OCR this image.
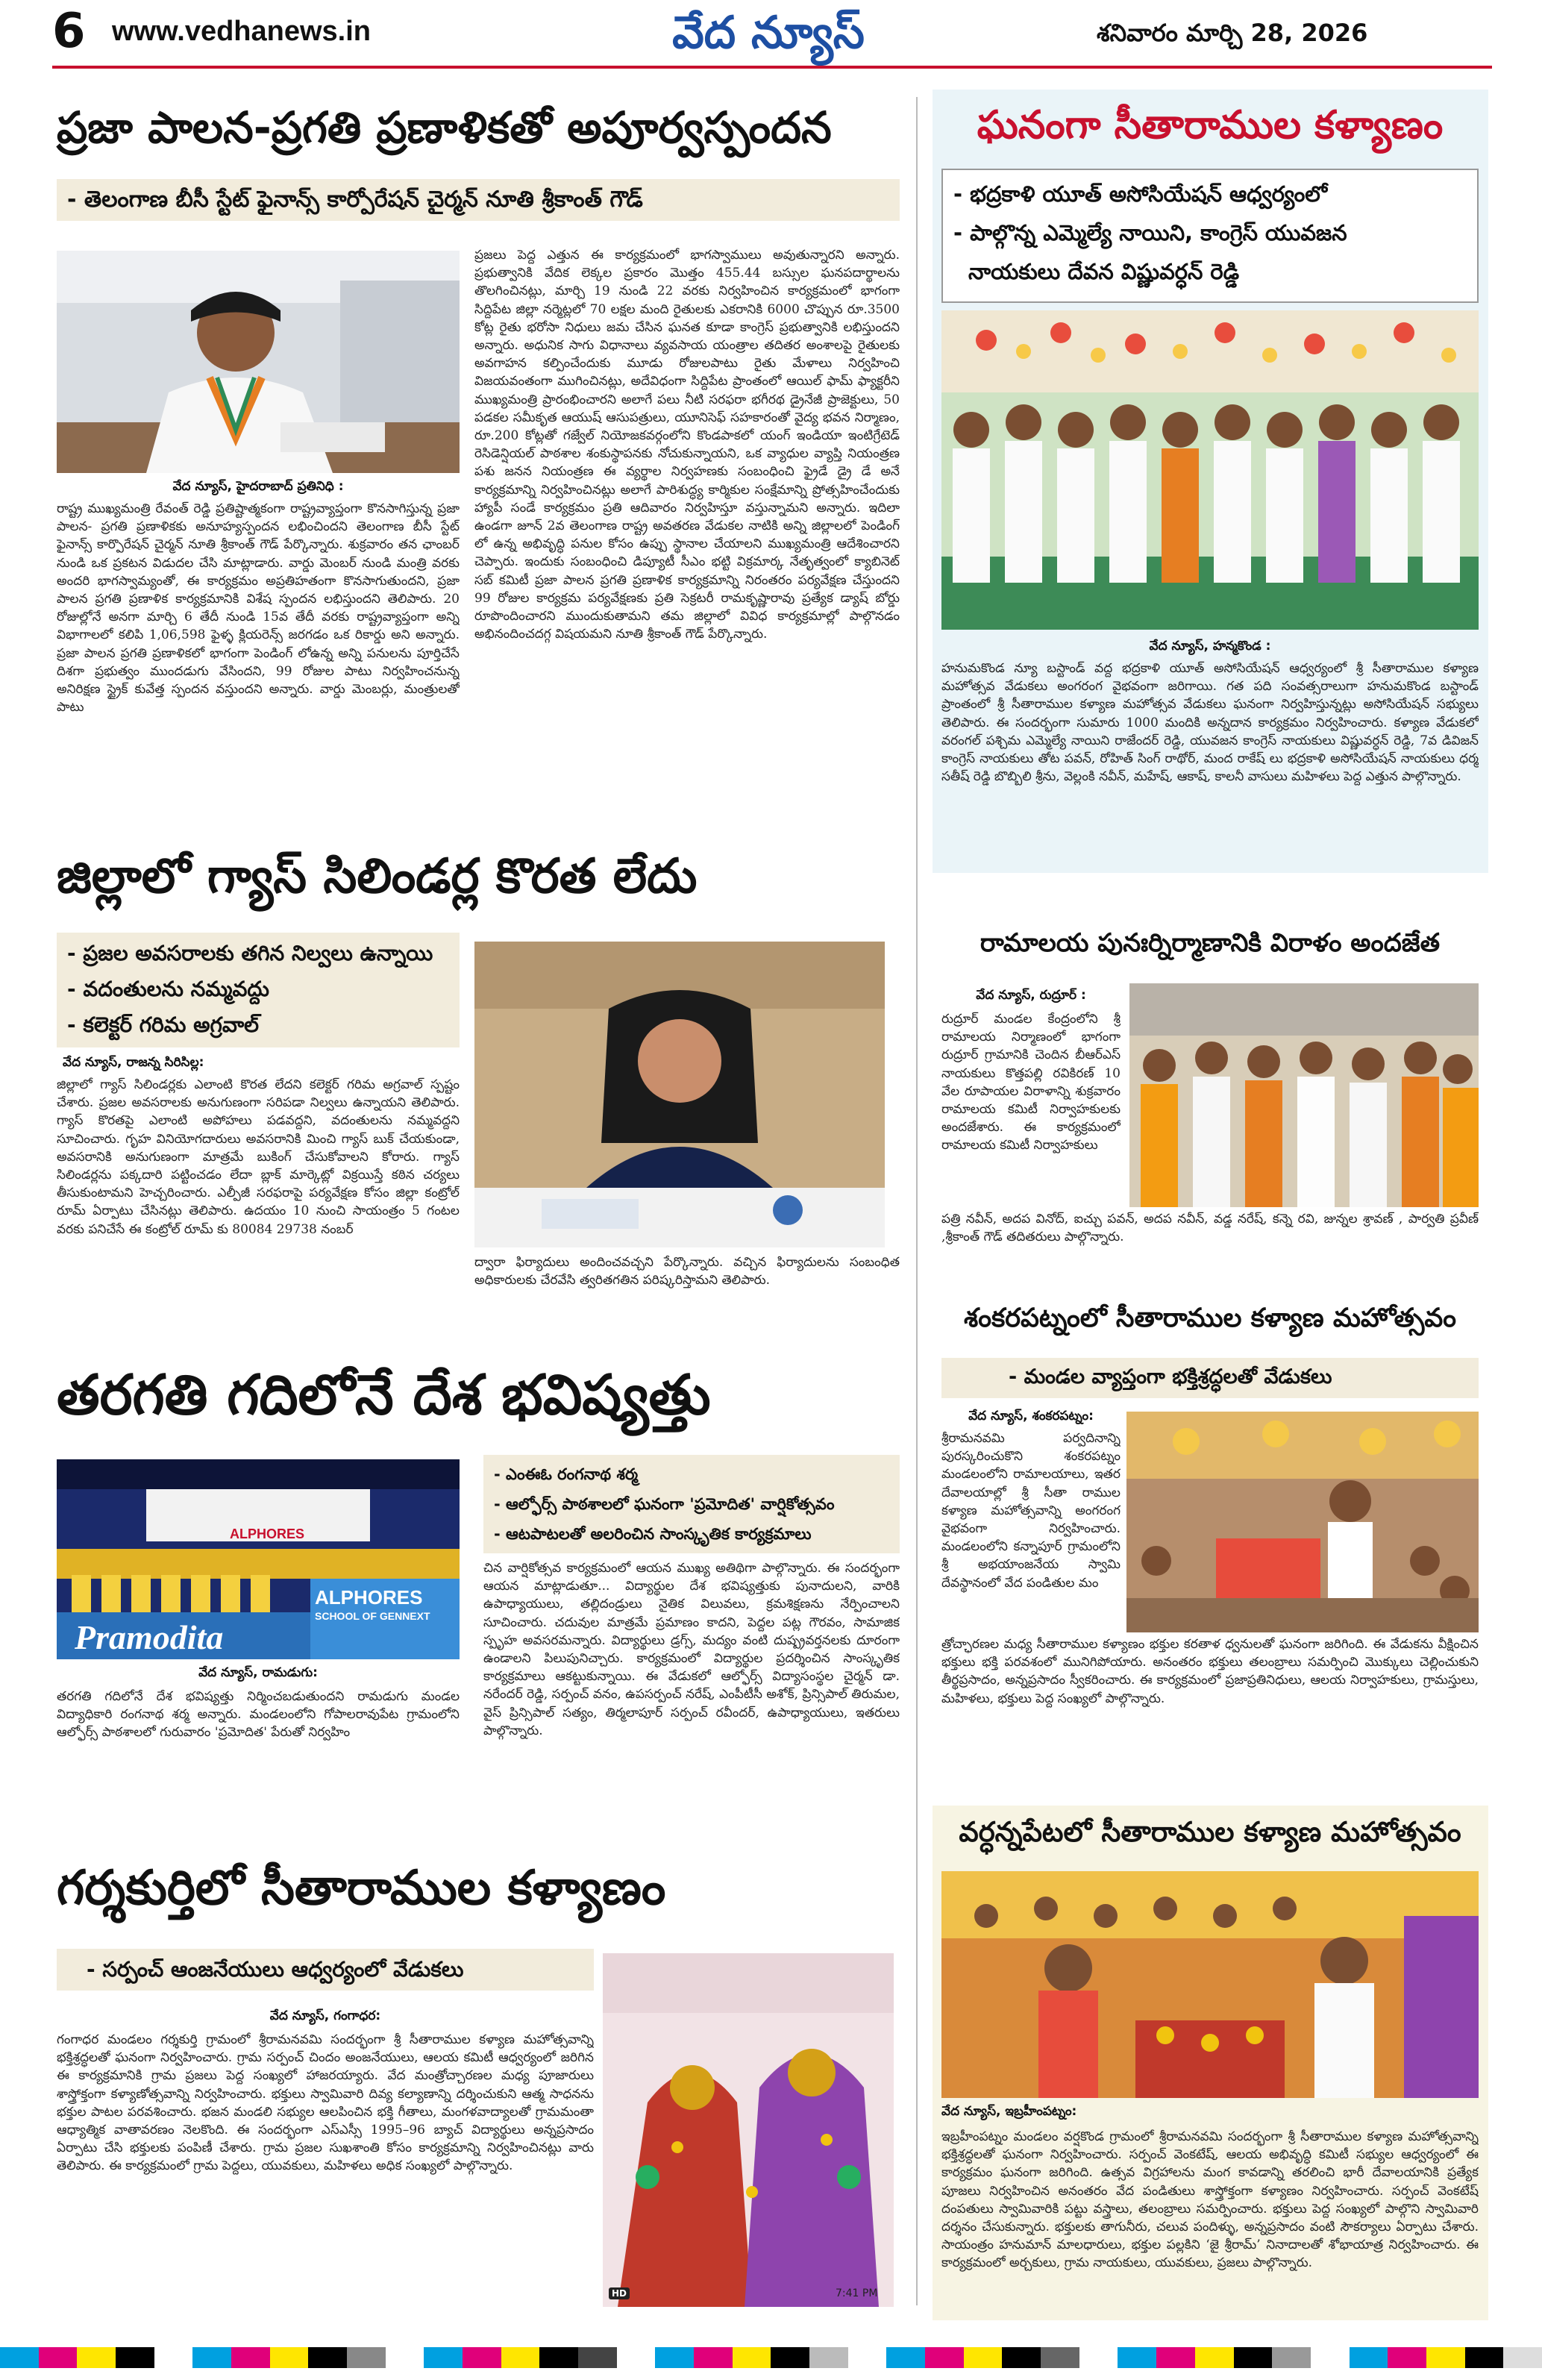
6 www.vedhanews.in	వేద న్యూస్	శనివారం మార్చి 28, 2026
ప్రజా పాలన-ప్రగతి ప్రణాళికతో అపూర్వస్పందన
- తెలంగాణ బీసీ స్టేట్ ఫైనాన్స్ కార్పోరేషన్ చైర్మన్ నూతి శ్రీకాంత్ గౌడ్
వేద న్యూస్, హైదరాబాద్ ప్రతినిధి :
రాష్ట్ర ముఖ్యమంత్రి రేవంత్ రెడ్డి ప్రతిష్టాత్మకంగా రాష్ట్రవ్యాప్తంగా కొనసాగిస్తున్న ప్రజా పాలన- ప్రగతి ప్రణాళికకు అనూహ్యస్పందన లభించిందని తెలంగాణ బీసీ స్టేట్ ఫైనాన్స్ కార్పొరేషన్ చైర్మన్ నూతి శ్రీకాంత్ గౌడ్ పేర్కొన్నారు. శుక్రవారం తన ఛాంబర్ నుండి ఒక ప్రకటన విడుదల చేసి మాట్లాడారు. వార్డు మెంబర్ నుండి మంత్రి వరకు అందరి భాగస్వామ్యంతో, ఈ కార్యక్రమం అప్రతిహతంగా కొనసాగుతుందని, ప్రజా పాలన ప్రగతి ప్రణాళిక కార్యక్రమానికి విశేష స్పందన లభిస్తుందని తెలిపారు. 20 రోజుల్లోనే అనగా మార్చి 6 తేదీ నుండి 15వ తేదీ వరకు రాష్ట్రవ్యాప్తంగా అన్ని విభాగాలలో కలిపి 1,06,598 ఫైళ్ళ క్లియరెన్స్ జరగడం ఒక రికార్డు అని అన్నారు. ప్రజా పాలన ప్రగతి ప్రణాళికలో భాగంగా పెండింగ్ లోఉన్న అన్ని పనులను పూర్తిచేసే దిశగా ప్రభుత్వం ముందడుగు వేసిందని, 99 రోజుల పాటు నిర్వహించనున్న అనిరిక్షణ స్ట్రైక్ కువేత్త స్పందన వస్తుందని అన్నారు. వార్డు మెంబర్లు, మంత్రులతో పాటు
ప్రజలు పెద్ద ఎత్తున ఈ కార్యక్రమంలో భాగస్వాములు అవుతున్నారని అన్నారు. ప్రభుత్వానికి వేదిక లెక్కల ప్రకారం మొత్తం 455.44 బస్సుల ఘనపదార్థాలను తొలగించినట్లు, మార్చి 19 నుండి 22 వరకు నిర్వహించిన కార్యక్రమంలో భాగంగా సిద్దిపేట జిల్లా నర్మెట్లలో 70 లక్షల మంది రైతులకు ఎకరానికి 6000 చొప్పున రూ.3500 కోట్ల రైతు భరోసా నిధులు జమ చేసిన ఘనత కూడా కాంగ్రెస్ ప్రభుత్వానికి లభిస్తుందని అన్నారు. అధునిక సాగు విధానాలు వ్యవసాయ యంత్రాల తదితర అంశాలపై రైతులకు అవగాహన కల్పించేందుకు మూడు రోజులపాటు రైతు మేళాలు నిర్వహించి విజయవంతంగా ముగించినట్లు, అదేవిధంగా సిద్దిపేట ప్రాంతంలో ఆయిల్ ఫామ్ ఫ్యాక్టరీని ముఖ్యమంత్రి ప్రారంభించారని అలాగే పలు నీటి సరఫరా భగీరథ డ్రైనేజీ ప్రాజెక్టులు, 50 పడకల సమీకృత ఆయుష్ ఆసుపత్రులు, యూనిసెఫ్ సహకారంతో వైద్య భవన నిర్మాణం, రూ.200 కోట్లతో గజ్వేల్ నియోజకవర్గంలోని కొండపాకలో యంగ్ ఇండియా ఇంటిగ్రేటెడ్ రెసిడెన్షియల్ పాఠశాల శంకుస్థాపనకు నోచుకున్నాయని, ఒక వ్యాధుల వ్యాప్తి నియంత్రణ పశు జనన నియంత్రణ ఈ వ్యర్థాల నిర్వహణకు సంబంధించి ఫ్రైడే డ్రై డే అనే కార్యక్రమాన్ని నిర్వహించినట్లు అలాగే పారిశుద్ధ్య కార్మికుల సంక్షేమాన్ని ప్రోత్సహించేందుకు హ్యాపీ సండే కార్యక్రమం ప్రతి ఆదివారం నిర్వహిస్తూ వస్తున్నామని అన్నారు. ఇదిలా ఉండగా జూన్ 2వ తెలంగాణ రాష్ట్ర అవతరణ వేడుకల నాటికి అన్ని జిల్లాలలో పెండింగ్ లో ఉన్న అభివృద్ధి పనుల కోసం ఉప్పు స్థానాల చేయాలని ముఖ్యమంత్రి ఆదేశించారని చెప్పారు. ఇందుకు సంబంధించి డిప్యూటీ సీఎం భట్టి విక్రమార్క నేతృత్వంలో క్యాబినెట్ సబ్ కమిటీ ప్రజా పాలన ప్రగతి ప్రణాళిక కార్యక్రమాన్ని నిరంతరం పర్యవేక్షణ చేస్తుందని 99 రోజుల కార్యక్రమ పర్యవేక్షణకు ప్రతి సెక్రటరీ రామకృష్ణారావు ప్రత్యేక డ్యాష్ బోర్డు రూపొందించారని ముందుకుతామని తమ జిల్లాలో వివిధ కార్యక్రమాల్లో పాల్గొనడం అభినందించదగ్గ విషయమని నూతి శ్రీకాంత్ గౌడ్ పేర్కొన్నారు.
ఘనంగా సీతారాముల కళ్యాణం
- భద్రకాళి యూత్ అసోసియేషన్ ఆధ్వర్యంలో
- పాల్గొన్న ఎమ్మెల్యే నాయిని, కాంగ్రెస్ యువజన
నాయకులు దేవన విష్ణువర్ధన్ రెడ్డి
వేద న్యూస్, హన్మకొండ :
హనుమకొండ న్యూ బస్టాండ్ వద్ద భద్రకాళి యూత్ అసోసియేషన్ ఆధ్వర్యంలో శ్రీ సీతారాముల కళ్యాణ మహోత్సవ వేడుకలు అంగరంగ వైభవంగా జరిగాయి. గత పది సంవత్సరాలుగా హనుమకొండ బస్టాండ్ ప్రాంతంలో శ్రీ సీతారాముల కళ్యాణ మహోత్సవ వేడుకలు ఘనంగా నిర్వహిస్తున్నట్లు అసోసియేషన్ సభ్యులు తెలిపారు. ఈ సందర్భంగా సుమారు 1000 మందికి అన్నదాన కార్యక్రమం నిర్వహించారు. కళ్యాణ వేడుకలో వరంగల్ పశ్చిమ ఎమ్మెల్యే నాయిని రాజేందర్ రెడ్డి, యువజన కాంగ్రెస్ నాయకులు విష్ణువర్ధన్ రెడ్డి, 7వ డివిజన్ కాంగ్రెస్ నాయకులు తోట పవన్, రోహిత్ సింగ్ రాథోర్, మంద రాకేష్ లు భద్రకాళి అసోసియేషన్ నాయకులు ధర్మ సతీష్ రెడ్డి బొబ్బిలి శ్రీను, వెల్లంకి నవీన్, మహేష్, ఆకాష్, కాలనీ వాసులు మహిళలు పెద్ద ఎత్తున పాల్గొన్నారు.
జిల్లాలో గ్యాస్ సిలిండర్ల కొరత లేదు
- ప్రజల అవసరాలకు తగిన నిల్వలు ఉన్నాయి
- వదంతులను నమ్మవద్దు
- కలెక్టర్ గరిమ అగ్రవాల్
వేద న్యూస్, రాజన్న సిరిసిల్ల:
జిల్లాలో గ్యాస్ సిలిండర్లకు ఎలాంటి కొరత లేదని కలెక్టర్ గరిమ అగ్రవాల్ స్పష్టం చేశారు. ప్రజల అవసరాలకు అనుగుణంగా సరిపడా నిల్వలు ఉన్నాయని తెలిపారు. గ్యాస్ కొరతపై ఎలాంటి అపోహలు పడవద్దని, వదంతులను నమ్మవద్దని సూచించారు. గృహ వినియోగదారులు అవసరానికి మించి గ్యాస్ బుక్ చేయకుండా, అవసరానికి అనుగుణంగా మాత్రమే బుకింగ్ చేసుకోవాలని కోరారు. గ్యాస్ సిలిండర్లను పక్కదారి పట్టించడం లేదా బ్లాక్ మార్కెట్లో విక్రయిస్తే కఠిన చర్యలు తీసుకుంటామని హెచ్చరించారు. ఎల్పీజీ సరఫరాపై పర్యవేక్షణ కోసం జిల్లా కంట్రోల్ రూమ్ ఏర్పాటు చేసినట్లు తెలిపారు. ఉదయం 10 నుంచి సాయంత్రం 5 గంటల వరకు పనిచేసే ఈ కంట్రోల్ రూమ్ కు 80084 29738 నంబర్
ద్వారా ఫిర్యాదులు అందించవచ్చని పేర్కొన్నారు. వచ్చిన ఫిర్యాదులను సంబంధిత అధికారులకు చేరవేసి త్వరితగతిన పరిష్కరిస్తామని తెలిపారు.
రామాలయ పునఃర్నిర్మాణానికి విరాళం అందజేత
వేద న్యూస్, రుద్రూర్ :
రుద్రూర్ మండల కేంద్రంలోని శ్రీ రామాలయ నిర్మాణంలో భాగంగా రుద్రూర్ గ్రామానికి చెందిన బీఆర్ఎస్ నాయకులు కొత్తపల్లి రవికిరణ్ 10 వేల రూపాయల విరాళాన్ని శుక్రవారం రామాలయ కమిటీ నిర్వాహకులకు అందజేశారు. ఈ కార్యక్రమంలో రామాలయ కమిటీ నిర్వాహకులు
పత్రి నవీన్, అదప వినోద్, ఐచ్చు పవన్, అదప నవీన్, వడ్డ నరేష్, కన్నె రవి, జున్నల శ్రావణ్ , పార్వతి ప్రవీణ్ ,శ్రీకాంత్ గౌడ్ తదితరులు పాల్గొన్నారు.
తరగతి గదిలోనే దేశ భవిష్యత్తు
ALPHORES
ALPHORES
SCHOOL OF GENNEXT
Pramodita
వేద న్యూస్, రామడుగు:
తరగతి గదిలోనే దేశ భవిష్యత్తు నిర్మించబడుతుందని రామడుగు మండల విద్యాధికారి రంగనాథ శర్మ అన్నారు. మండలంలోని గోపాలరావుపేట గ్రామంలోని ఆల్ఫోర్స్ పాఠశాలలో గురువారం 'ప్రమోదిత' పేరుతో నిర్వహిం
- ఎంఈఓ రంగనాథ శర్మ
- ఆల్ఫోర్స్ పాఠశాలలో ఘనంగా 'ప్రమోదిత' వార్షికోత్సవం
- ఆటపాటలతో అలరించిన సాంస్కృతిక కార్యక్రమాలు
చిన వార్షికోత్సవ కార్యక్రమంలో ఆయన ముఖ్య అతిథిగా పాల్గొన్నారు. ఈ సందర్భంగా ఆయన మాట్లాడుతూ... విద్యార్థుల దేశ భవిష్యత్తుకు పునాదులని, వారికి ఉపాధ్యాయులు, తల్లిదండ్రులు నైతిక విలువలు, క్రమశిక్షణను నేర్పించాలని సూచించారు. చదువుల మాత్రమే ప్రమాణం కాదని, పెద్దల పట్ల గౌరవం, సామాజిక స్పృహ అవసరమన్నారు. విద్యార్థులు డ్రగ్స్, మద్యం వంటి దుష్ప్రవర్తనలకు దూరంగా ఉండాలని పిలుపునిచ్చారు. కార్యక్రమంలో విద్యార్థుల ప్రదర్శించిన సాంస్కృతిక కార్యక్రమాలు ఆకట్టుకున్నాయి. ఈ వేడుకలో ఆల్ఫోర్స్ విద్యాసంస్థల చైర్మన్ డా. నరేందర్ రెడ్డి, సర్పంచ్ వనం, ఉపసర్పంచ్ నరేష్, ఎంపీటీసీ అశోక్, ప్రిన్సిపాల్ తిరుమల, వైస్ ప్రిన్సిపాల్ సత్యం, తిర్మలాపూర్ సర్పంచ్ రవీందర్, ఉపాధ్యాయులు, ఇతరులు పాల్గొన్నారు.
శంకరపట్నంలో సీతారాముల కళ్యాణ మహోత్సవం
- మండల వ్యాప్తంగా భక్తిశ్రద్ధలతో వేడుకలు
వేద న్యూస్, శంకరపట్నం:
శ్రీరామనవమి పర్వదినాన్ని పురస్కరించుకొని శంకరపట్నం మండలంలోని రామాలయాలు, ఇతర దేవాలయాల్లో శ్రీ సీతా రాముల కళ్యాణ మహోత్సవాన్ని అంగరంగ వైభవంగా నిర్వహించారు. మండలంలోని కన్నాపూర్ గ్రామంలోని శ్రీ అభయాంజనేయ స్వామి దేవస్థానంలో వేద పండితుల మం
త్రోచ్ఛారణల మధ్య సీతారాముల కళ్యాణం భక్తుల కరతాళ ధ్వనులతో ఘనంగా జరిగింది. ఈ వేడుకను వీక్షించిన భక్తులు భక్తి పరవశంలో మునిగిపోయారు. అనంతరం భక్తులు తలంబ్రాలు సమర్పించి మొక్కులు చెల్లించుకుని తీర్థప్రసాదం, అన్నప్రసాదం స్వీకరించారు. ఈ కార్యక్రమంలో ప్రజాప్రతినిధులు, ఆలయ నిర్వాహకులు, గ్రామస్తులు, మహిళలు, భక్తులు పెద్ద సంఖ్యలో పాల్గొన్నారు.
గర్శకుర్తిలో సీతారాముల కళ్యాణం
- సర్పంచ్ ఆంజనేయులు ఆధ్వర్యంలో వేడుకలు
వేద న్యూస్, గంగాధర:
గంగాధర మండలం గర్శకుర్తి గ్రామంలో శ్రీరామనవమి సందర్భంగా శ్రీ సీతారాముల కళ్యాణ మహోత్సవాన్ని భక్తిశ్రద్ధలతో ఘనంగా నిర్వహించారు. గ్రామ సర్పంచ్ చిందం అంజనేయులు, ఆలయ కమిటీ ఆధ్వర్యంలో జరిగిన ఈ కార్యక్రమానికి గ్రామ ప్రజలు పెద్ద సంఖ్యలో హాజరయ్యారు. వేద మంత్రోచ్చారణల మధ్య పూజారులు శాస్త్రోక్తంగా కళ్యాణోత్సవాన్ని నిర్వహించారు. భక్తులు స్వామివారి దివ్య కల్యాణాన్ని దర్శించుకుని ఆత్మ సాధనను భక్తుల పాటల పరవశించారు. భజన మండలి సభ్యుల ఆలపించిన భక్తి గీతాలు, మంగళవాద్యాలతో గ్రామమంతా ఆధ్యాత్మిక వాతావరణం నెలకొంది. ఈ సందర్భంగా ఎస్ఎస్సీ 1995–96 బ్యాచ్ విద్యార్థులు అన్నప్రసాదం ఏర్పాటు చేసి భక్తులకు పంపిణీ చేశారు. గ్రామ ప్రజల సుఖశాంతి కోసం కార్యక్రమాన్ని నిర్వహించినట్లు వారు తెలిపారు. ఈ కార్యక్రమంలో గ్రామ పెద్దలు, యువకులు, మహిళలు అధిక సంఖ్యలో పాల్గొన్నారు.
HD	7:41 PM
వర్ధన్నపేటలో సీతారాముల కళ్యాణ మహోత్సవం
వేద న్యూస్, ఇబ్రహీంపట్నం:
ఇబ్రహీంపట్నం మండలం వర్షకొండ గ్రామంలో శ్రీరామనవమి సందర్భంగా శ్రీ సీతారాముల కళ్యాణ మహోత్సవాన్ని భక్తిశ్రద్ధలతో ఘనంగా నిర్వహించారు. సర్పంచ్ వెంకటేష్, ఆలయ అభివృద్ధి కమిటీ సభ్యుల ఆధ్వర్యంలో ఈ కార్యక్రమం ఘనంగా జరిగింది. ఉత్సవ విగ్రహాలను మంగ కావడాన్ని తరలించి భారీ దేవాలయానికి ప్రత్యేక పూజలు నిర్వహించిన అనంతరం వేద పండితులు శాస్త్రోక్తంగా కళ్యాణం నిర్వహించారు. సర్పంచ్ వెంకటేష్ దంపతులు స్వామివారికి పట్టు వస్త్రాలు, తలంబ్రాలు సమర్పించారు. భక్తులు పెద్ద సంఖ్యలో పాల్గొని స్వామివారి దర్శనం చేసుకున్నారు. భక్తులకు తాగునీరు, చలువ పందిళ్ళు, అన్నప్రసాదం వంటి సౌకర్యాలు ఏర్పాటు చేశారు. సాయంత్రం హనుమాన్ మాలధారులు, భక్తుల పల్లకిని ‘జై శ్రీరామ్’ నినాదాలతో శోభాయాత్ర నిర్వహించారు. ఈ కార్యక్రమంలో అర్చకులు, గ్రామ నాయకులు, యువకులు, ప్రజలు పాల్గొన్నారు.
